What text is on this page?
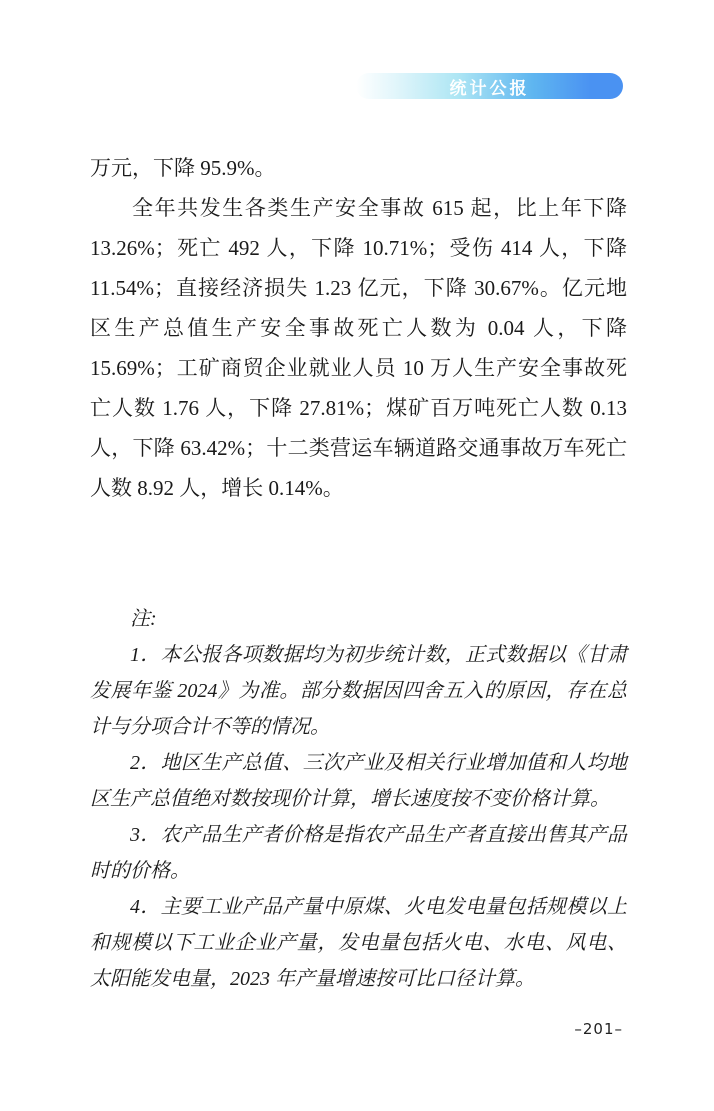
统计公报

万元，下降 95.9%。

全年共发生各类生产安全事故 615 起，比上年下降 13.26%；死亡 492 人，下降 10.71%；受伤 414 人，下降 11.54%；直接经济损失 1.23 亿元，下降 30.67%。亿元地区生产总值生产安全事故死亡人数为 0.04 人，下降 15.69%；工矿商贸企业就业人员 10 万人生产安全事故死亡人数 1.76 人，下降 27.81%；煤矿百万吨死亡人数 0.13 人，下降 63.42%；十二类营运车辆道路交通事故万车死亡人数 8.92 人，增长 0.14%。

注:

1．本公报各项数据均为初步统计数，正式数据以《甘肃发展年鉴 2024》为准。部分数据因四舍五入的原因，存在总计与分项合计不等的情况。

2．地区生产总值、三次产业及相关行业增加值和人均地区生产总值绝对数按现价计算，增长速度按不变价格计算。

3．农产品生产者价格是指农产品生产者直接出售其产品时的价格。

4．主要工业产品产量中原煤、火电发电量包括规模以上和规模以下工业企业产量，发电量包括火电、水电、风电、太阳能发电量，2023 年产量增速按可比口径计算。

–201–
